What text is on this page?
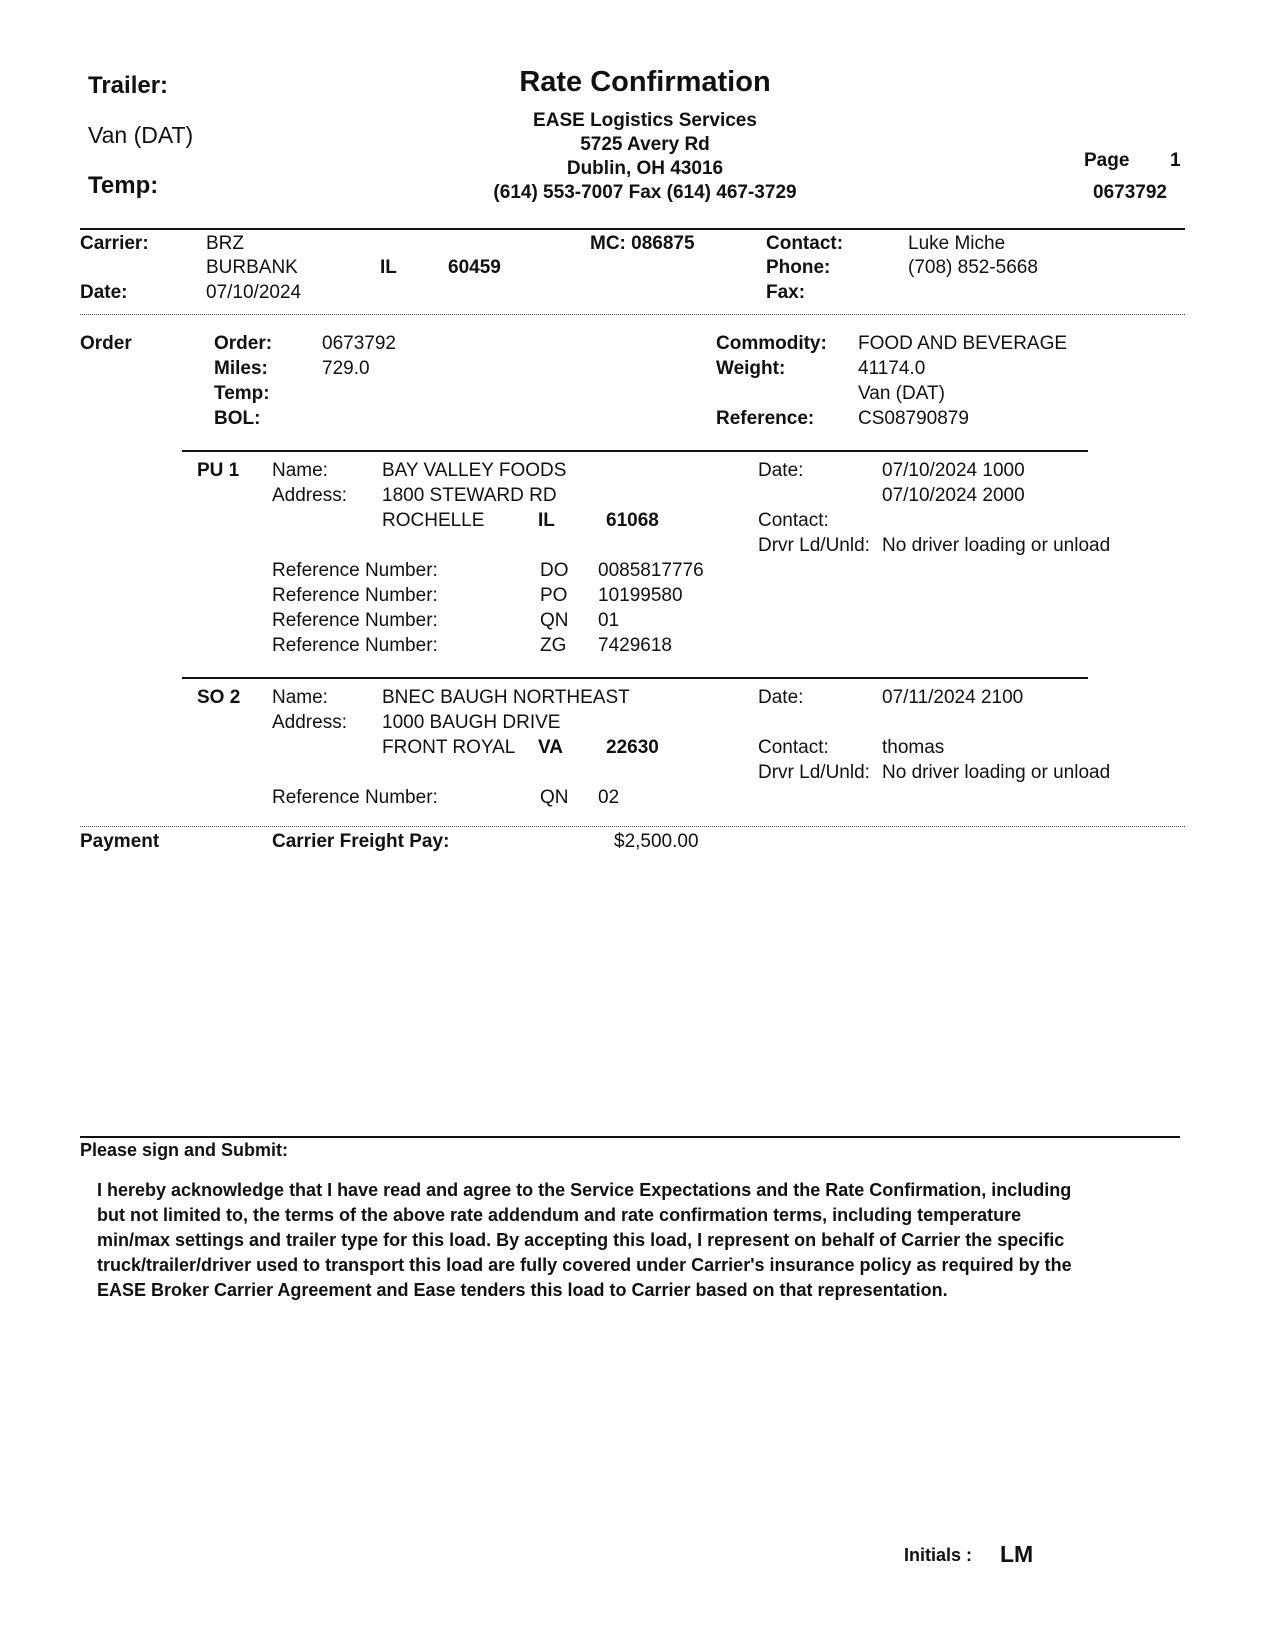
Trailer:
Van (DAT)
Temp:
Rate Confirmation
EASE Logistics Services
5725 Avery Rd
Dublin, OH 43016
(614) 553-7007 Fax (614) 467-3729
Page 1
0673792
Carrier:	BRZ
BURBANK	IL	60459
MC: 086875
Date:	07/10/2024
Contact:	Luke Miche
Phone:	(708) 852-5668
Fax:
Order	Order:	0673792
Miles:	729.0
Temp:
BOL:
Commodity: FOOD AND BEVERAGE
Weight:	41174.0
Van (DAT)
Reference: CS08790879
PU 1 Name:	BAY VALLEY FOODS
Address: 1800 STEWARD RD
ROCHELLE	IL	61068
Date:	07/10/2024 1000
07/10/2024 2000
Contact:
Drvr Ld/Unld: No driver loading or unload
Reference Number:	DO 0085817776
Reference Number:	PO 10199580
Reference Number:	QN 01
Reference Number:	ZG 7429618
SO 2 Name:	BNEC BAUGH NORTHEAST
Address: 1000 BAUGH DRIVE
FRONT ROYAL VA 22630
Date:	07/11/2024 2100
Contact:	thomas
Drvr Ld/Unld: No driver loading or unload
Reference Number:	QN 02
Payment	Carrier Freight Pay:	$2,500.00
Please sign and Submit:
I hereby acknowledge that I have read and agree to the Service Expectations and the Rate Confirmation, including
but not limited to, the terms of the above rate addendum and rate confirmation terms, including temperature
min/max settings and trailer type for this load. By accepting this load, I represent on behalf of Carrier the specific
truck/trailer/driver used to transport this load are fully covered under Carrier's insurance policy as required by the
EASE Broker Carrier Agreement and Ease tenders this load to Carrier based on that representation.
Initials : LM
